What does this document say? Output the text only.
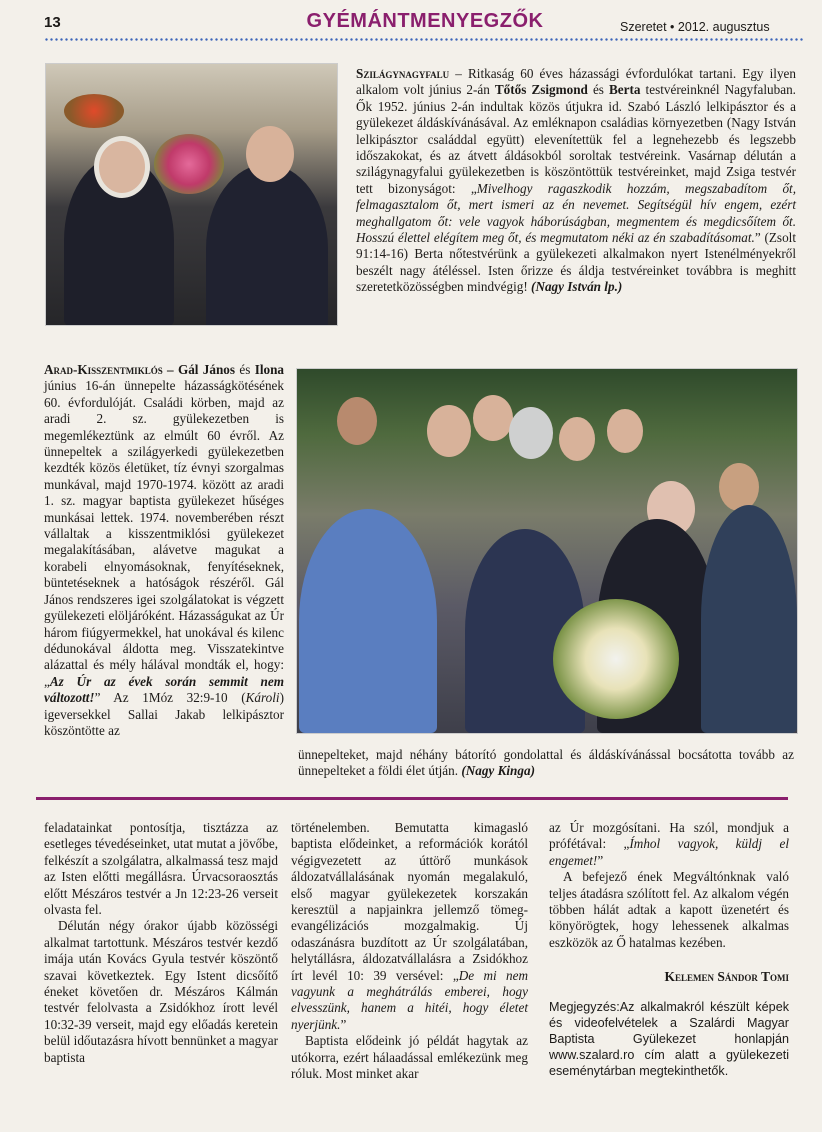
13	GYÉMÁNTMENYEGZŐK	Szeretet • 2012. augusztus

Szilágynagyfalu – Ritkaság 60 éves házassági évfordulókat tartani. Egy ilyen alkalom volt június 2-án Tőtős Zsigmond és Berta testvéreinknél Nagyfaluban. Ők 1952. június 2-án indultak közös útjukra id. Szabó László lelkipásztor és a gyülekezet áldáskívánásával. Az emléknapon családias környezetben (Nagy István lelkipásztor családdal együtt) elevenítettük fel a legnehezebb és legszebb időszakokat, és az átvett áldásokból soroltak testvéreink. Vasárnap délután a szilágynagyfalui gyülekezetben is köszöntöttük testvéreinket, majd Zsiga testvér tett bizonyságot: „Mivelhogy ragaszkodik hozzám, megszabadítom őt, felmagasztalom őt, mert ismeri az én nevemet. Segítségül hív engem, ezért meghallgatom őt: vele vagyok háborúságban, megmentem és megdicsőítem őt. Hosszú élettel elégítem meg őt, és megmutatom néki az én szabadításomat.” (Zsolt 91:14-16) Berta nőtestvérünk a gyülekezeti alkalmakon nyert Istenélményekről beszélt nagy átéléssel. Isten őrizze és áldja testvéreinket továbbra is meghitt szeretetközösségben mindvégig! (Nagy István lp.)

Arad-Kisszentmiklós – Gál János és Ilona június 16-án ünnepelte házasságkötésének 60. évfordulóját. Családi körben, majd az aradi 2. sz. gyülekezetben is megemlékeztünk az elmúlt 60 évről. Az ünnepeltek a szilágyerkedi gyülekezetben kezdték közös életüket, tíz évnyi szorgalmas munkával, majd 1970-1974. között az aradi 1. sz. magyar baptista gyülekezet hűséges munkásai lettek. 1974. novemberében részt vállaltak a kisszentmiklósi gyülekezet megalakításában, alávetve magukat a korabeli elnyomásoknak, fenyítéseknek, büntetéseknek a hatóságok részéről. Gál János rendszeres igei szolgálatokat is végzett gyülekezeti elöljáróként. Házasságukat az Úr három fiúgyermekkel, hat unokával és kilenc dédunokával áldotta meg. Visszatekintve alázattal és mély hálával mondták el, hogy: „Az Úr az évek során semmit nem változott!” Az 1Móz 32:9-10 (Károli) igeversekkel Sallai Jakab lelkipásztor köszöntötte az

ünnepelteket, majd néhány bátorító gondolattal és áldáskívánással bocsátotta tovább az ünnepelteket a földi élet útján. (Nagy Kinga)

feladatainkat pontosítja, tisztázza az esetleges tévedéseinket, utat mutat a jövőbe, felkészít a szolgálatra, alkalmassá tesz majd az Isten előtti megállásra. Úrvacsoraosztás előtt Mészáros testvér a Jn 12:23-26 verseit olvasta fel.

Délután négy órakor újabb közösségi alkalmat tartottunk. Mészáros testvér kezdő imája után Kovács Gyula testvér köszöntő szavai következtek. Egy Istent dicsőítő éneket követően dr. Mészáros Kálmán testvér felolvasta a Zsidókhoz írott levél 10:32-39 verseit, majd egy előadás keretein belül időutazásra hívott bennünket a magyar baptista

történelemben. Bemutatta kimagasló baptista elődeinket, a reformációk korától végigvezetett az úttörő munkások áldozatvállalásának nyomán megalakuló, első magyar gyülekezetek korszakán keresztül a napjainkra jellemző tömeg-evangélizációs mozgalmakig. Új odaszánásra buzdított az Úr szolgálatában, helytállásra, áldozatvállalásra a Zsidókhoz írt levél 10: 39 versével: „De mi nem vagyunk a meghátrálás emberei, hogy elvesszünk, hanem a hitéi, hogy életet nyerjünk.”

Baptista elődeink jó példát hagytak az utókorra, ezért hálaadással emlékezünk meg róluk. Most minket akar

az Úr mozgósítani. Ha szól, mondjuk a prófétával: „Ímhol vagyok, küldj el engemet!”

A befejező ének Megváltónknak való teljes átadásra szólított fel. Az alkalom végén többen hálát adtak a kapott üzenetért és könyörögtek, hogy lehessenek alkalmas eszközök az Ő hatalmas kezében.

Kelemen Sándor Tomi

Megjegyzés:Az alkalmakról készült képek és videofelvételek a Szalárdi Magyar Baptista Gyülekezet honlapján www.szalard.ro cím alatt a gyülekezeti eseménytárban megtekinthetők.
